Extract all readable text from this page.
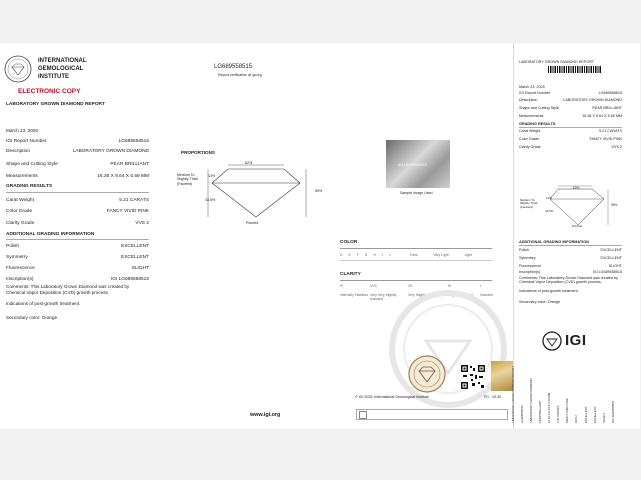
INTERNATIONAL
GEMOLOGICAL
INSTITUTE
ELECTRONIC COPY
LABORATORY GROWN DIAMOND REPORT
March 23, 2025
IGI Report Number	LG689558515
Description	LABORATORY GROWN DIAMOND
Shape and Cutting Style	PEAR BRILLIANT
Measurements	16.36 X 9.64 X 5.69 MM
GRADING RESULTS
Carat Weight	5.21 CARATS
Color Grade	FANCY VIVID PINK
Clarity Grade	VVS 2
ADDITIONAL GRADING INFORMATION
Polish	EXCELLENT
Symmetry	EXCELLENT
Fluorescence	SLIGHT
Inscription(s)	IGI LG689558515
Comments: This Laboratory Grown Diamond was created by Chemical Vapor Deposition (CVD) growth process.
Indications of post-growth treatment.
Secondary color: Orange
LG689558515
Report verification at igi.org
PROPORTIONS
62%
59%
Medium To Slightly Thick (Faceted)
13%
43.5%
Pointed
IGI LG689558515
Sample Image Used
COLOR
D E F G H I J	Faint	Very Light	Light
CLARITY
IF	VVS	VS	SI	I
Internally Flawless Very Very Slightly Included
Very Slightly Included	Slightly Included	Included
www.igi.org
© IGI 2025, International Gemological Institute	FD - 10.30
LABORATORY GROWN DIAMOND REPORT
March 23, 2025
IGI Report Number	LG689558515
Description	LABORATORY GROWN DIAMOND
Shape and Cutting Style	PEAR BRILLIANT
Measurements	16.36 X 9.64 X 5.69 MM
GRADING RESULTS
Carat Weight	5.21 CARATS
Color Grade	FANCY VIVID PINK
Clarity Grade	VVS 2
62%
59%
Medium To Slightly Thick (Faceted)
13%
43.5%
Pointed
ADDITIONAL GRADING INFORMATION
Polish	EXCELLENT
Symmetry	EXCELLENT
Fluorescence	SLIGHT
Inscription(s)	IGI LG689558515
Comments: This Laboratory Grown Diamond was created by Chemical Vapor Deposition (CVD) growth process.
Indications of post-growth treatment.
Secondary color: Orange
IGI
LABORATORY GROWN DIAMOND REPORT LG689558515 LABORATORY GROWN DIAMOND PEAR BRILLIANT 16.36 X 9.64 X 5.69 MM 5.21 CARATS FANCY VIVID PINK VVS 2 EXCELLENT EXCELLENT SLIGHT IGI LG689558515
